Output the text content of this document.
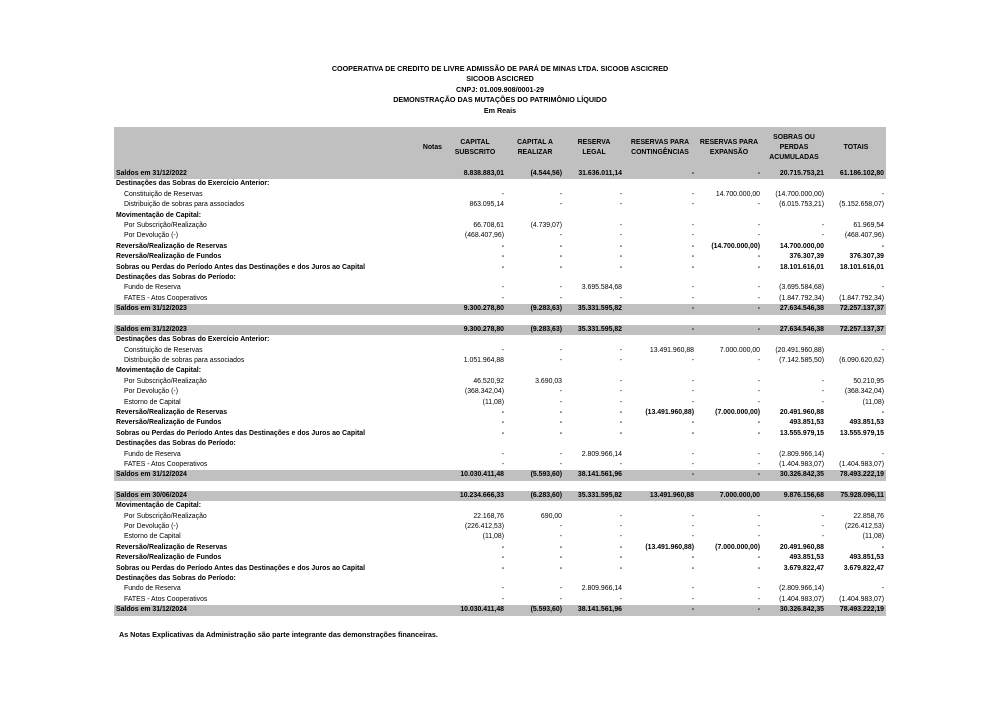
COOPERATIVA DE CREDITO DE LIVRE ADMISSÃO DE PARÁ DE MINAS LTDA. SICOOB ASCICRED
SICOOB ASCICRED
CNPJ: 01.009.908/0001-29
DEMONSTRAÇÃO DAS MUTAÇÕES DO PATRIMÔNIO LÍQUIDO
Em Reais
	Notas	CAPITAL SUBSCRITO	CAPITAL A REALIZAR	RESERVA LEGAL	RESERVAS PARA CONTINGÊNCIAS	RESERVAS PARA EXPANSÃO	SOBRAS OU PERDAS ACUMULADAS	TOTAIS
Saldos em 31/12/2022		8.838.883,01	(4.544,56)	31.636.011,14	-	-	20.715.753,21	61.186.102,80
Destinações das Sobras do Exercício Anterior:								
Constituição de Reservas		-	-	-	-	14.700.000,00	(14.700.000,00)	-
Distribuição de sobras para associados		863.095,14	-	-	-	-	(6.015.753,21)	(5.152.658,07)
Movimentação de Capital:								
Por Subscrição/Realização		66.708,61	(4.739,07)	-	-	-	-	61.969,54
Por Devolução (-)		(468.407,96)	-	-	-	-	-	(468.407,96)
Reversão/Realização de Reservas		-	-	-	-	(14.700.000,00)	14.700.000,00	-
Reversão/Realização de Fundos		-	-	-	-	-	376.307,39	376.307,39
Sobras ou Perdas do Período Antes das Destinações e dos Juros ao Capital		-	-	-	-	-	18.101.616,01	18.101.616,01
Destinações das Sobras do Período:								
Fundo de Reserva		-	-	3.695.584,68	-	-	(3.695.584,68)	-
FATES - Atos Cooperativos		-	-	-	-	-	(1.847.792,34)	(1.847.792,34)
Saldos em 31/12/2023		9.300.278,80	(9.283,63)	35.331.595,82	-	-	27.634.546,38	72.257.137,37

Saldos em 31/12/2023		9.300.278,80	(9.283,63)	35.331.595,82	-	-	27.634.546,38	72.257.137,37
Destinações das Sobras do Exercício Anterior:								
Constituição de Reservas		-	-	-	13.491.960,88	7.000.000,00	(20.491.960,88)	-
Distribuição de sobras para associados		1.051.964,88	-	-	-	-	(7.142.585,50)	(6.090.620,62)
Movimentação de Capital:								
Por Subscrição/Realização		46.520,92	3.690,03	-	-	-	-	50.210,95
Por Devolução (-)		(368.342,04)	-	-	-	-	-	(368.342,04)
Estorno de Capital		(11,08)	-	-	-	-	-	(11,08)
Reversão/Realização de Reservas		-	-	-	(13.491.960,88)	(7.000.000,00)	20.491.960,88	-
Reversão/Realização de Fundos		-	-	-	-	-	493.851,53	493.851,53
Sobras ou Perdas do Período Antes das Destinações e dos Juros ao Capital		-	-	-	-	-	13.555.979,15	13.555.979,15
Destinações das Sobras do Período:								
Fundo de Reserva		-	-	2.809.966,14	-	-	(2.809.966,14)	-
FATES - Atos Cooperativos		-	-	-	-	-	(1.404.983,07)	(1.404.983,07)
Saldos em 31/12/2024		10.030.411,48	(5.593,60)	38.141.561,96	-	-	30.326.842,35	78.493.222,19

Saldos em 30/06/2024		10.234.666,33	(6.283,60)	35.331.595,82	13.491.960,88	7.000.000,00	9.876.156,68	75.928.096,11
Movimentação de Capital:								
Por Subscrição/Realização		22.168,76	690,00	-	-	-	-	22.858,76
Por Devolução (-)		(226.412,53)	-	-	-	-	-	(226.412,53)
Estorno de Capital		(11,08)	-	-	-	-	-	(11,08)
Reversão/Realização de Reservas		-	-	-	(13.491.960,88)	(7.000.000,00)	20.491.960,88	-
Reversão/Realização de Fundos		-	-	-	-	-	493.851,53	493.851,53
Sobras ou Perdas do Período Antes das Destinações e dos Juros ao Capital		-	-	-	-	-	3.679.822,47	3.679.822,47
Destinações das Sobras do Período:								
Fundo de Reserva		-	-	2.809.966,14	-	-	(2.809.966,14)	-
FATES - Atos Cooperativos		-	-	-	-	-	(1.404.983,07)	(1.404.983,07)
Saldos em 31/12/2024		10.030.411,48	(5.593,60)	38.141.561,96	-	-	30.326.842,35	78.493.222,19
As Notas Explicativas da Administração são parte integrante das demonstrações financeiras.
